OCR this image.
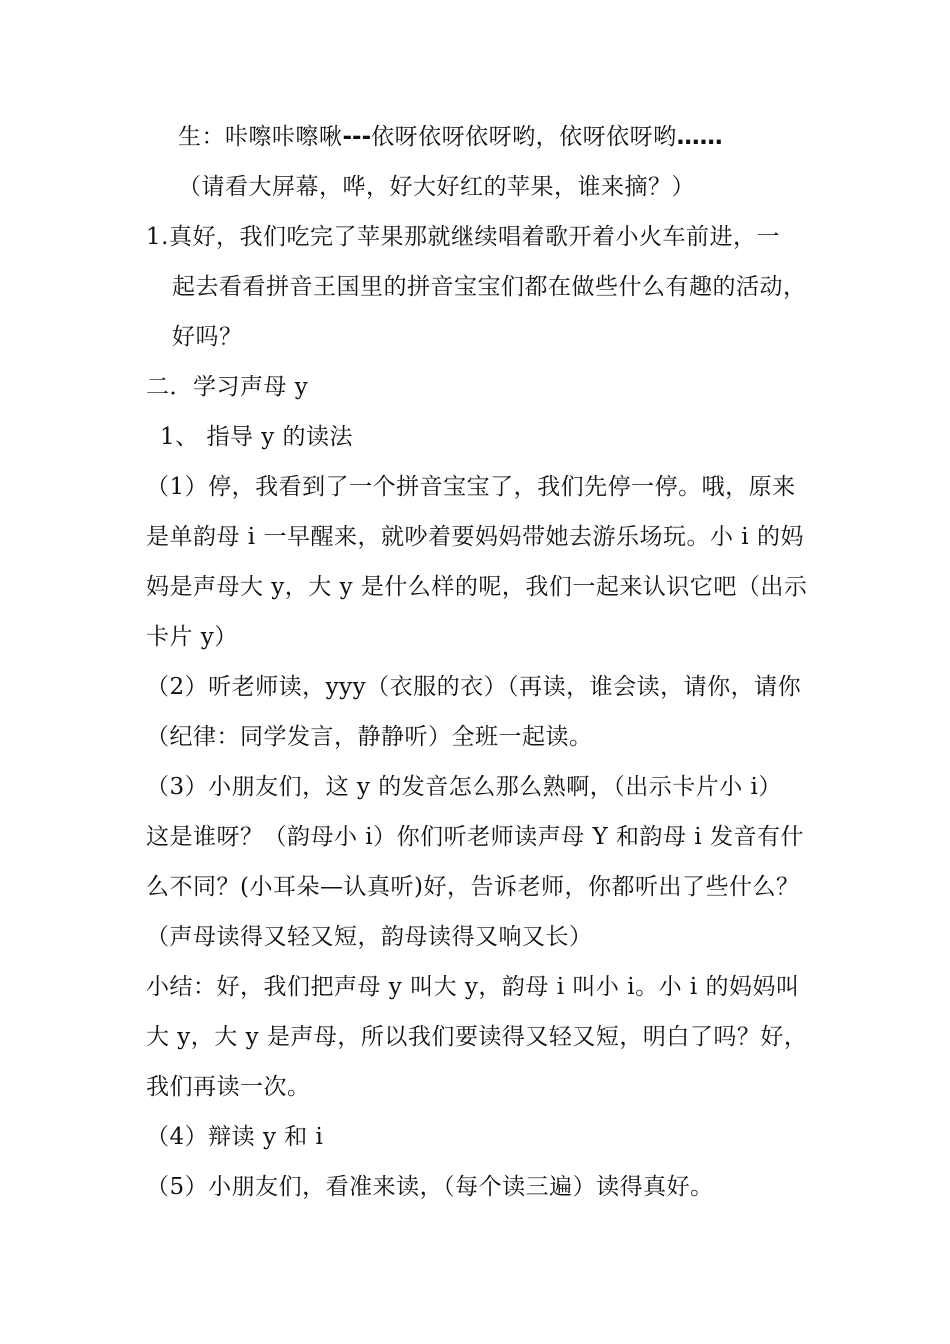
生：咔嚓咔嚓啾---依呀依呀依呀哟，依呀依呀哟……
（请看大屏幕，哗，好大好红的苹果，谁来摘？）
1.真好，我们吃完了苹果那就继续唱着歌开着小火车前进，一
起去看看拼音王国里的拼音宝宝们都在做些什么有趣的活动，
好吗？
二．学习声母 y
1、 指导 y 的读法
（1）停，我看到了一个拼音宝宝了，我们先停一停。哦，原来
是单韵母 i 一早醒来，就吵着要妈妈带她去游乐场玩。小 i 的妈
妈是声母大 y，大 y 是什么样的呢，我们一起来认识它吧（出示
卡片 y）
（2）听老师读，yyy（衣服的衣）（再读，谁会读，请你，请你
（纪律：同学发言，静静听）全班一起读。
（3）小朋友们，这 y 的发音怎么那么熟啊，（出示卡片小 i）
这是谁呀？（韵母小 i）你们听老师读声母 Y 和韵母 i 发音有什
么不同？(小耳朵—认真听)好，告诉老师，你都听出了些什么？
（声母读得又轻又短，韵母读得又响又长）
小结：好，我们把声母 y 叫大 y，韵母 i 叫小 i。小 i 的妈妈叫
大 y，大 y 是声母，所以我们要读得又轻又短，明白了吗？好，
我们再读一次。
（4）辩读 y 和 i
（5）小朋友们，看准来读，（每个读三遍）读得真好。
